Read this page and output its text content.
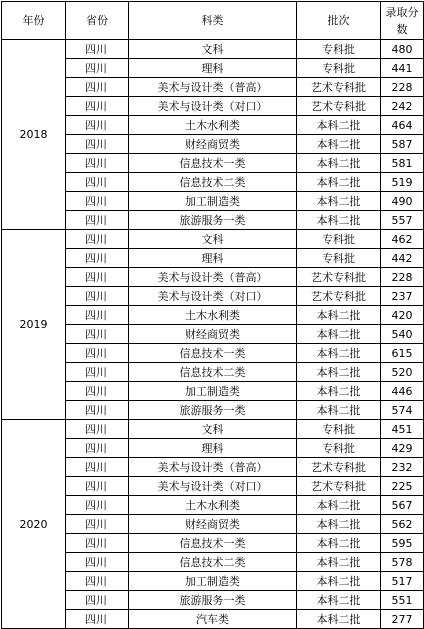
年份	省份	科类	批次	录取分数
2018	四川	文科	专科批	480
	四川	理科	专科批	441
	四川	美术与设计类（普高）	艺术专科批	228
	四川	美术与设计类（对口）	艺术专科批	242
	四川	土木水利类	本科二批	464
	四川	财经商贸类	本科二批	587
	四川	信息技术一类	本科二批	581
	四川	信息技术二类	本科二批	519
	四川	加工制造类	本科二批	490
	四川	旅游服务一类	本科二批	557
2019	四川	文科	专科批	462
	四川	理科	专科批	442
	四川	美术与设计类（普高）	艺术专科批	228
	四川	美术与设计类（对口）	艺术专科批	237
	四川	土木水利类	本科二批	420
	四川	财经商贸类	本科二批	540
	四川	信息技术一类	本科二批	615
	四川	信息技术二类	本科二批	520
	四川	加工制造类	本科二批	446
	四川	旅游服务一类	本科二批	574
2020	四川	文科	专科批	451
	四川	理科	专科批	429
	四川	美术与设计类（普高）	艺术专科批	232
	四川	美术与设计类（对口）	艺术专科批	225
	四川	土木水利类	本科二批	567
	四川	财经商贸类	本科二批	562
	四川	信息技术一类	本科二批	595
	四川	信息技术二类	本科二批	578
	四川	加工制造类	本科二批	517
	四川	旅游服务一类	本科二批	551
	四川	汽车类	本科二批	277
